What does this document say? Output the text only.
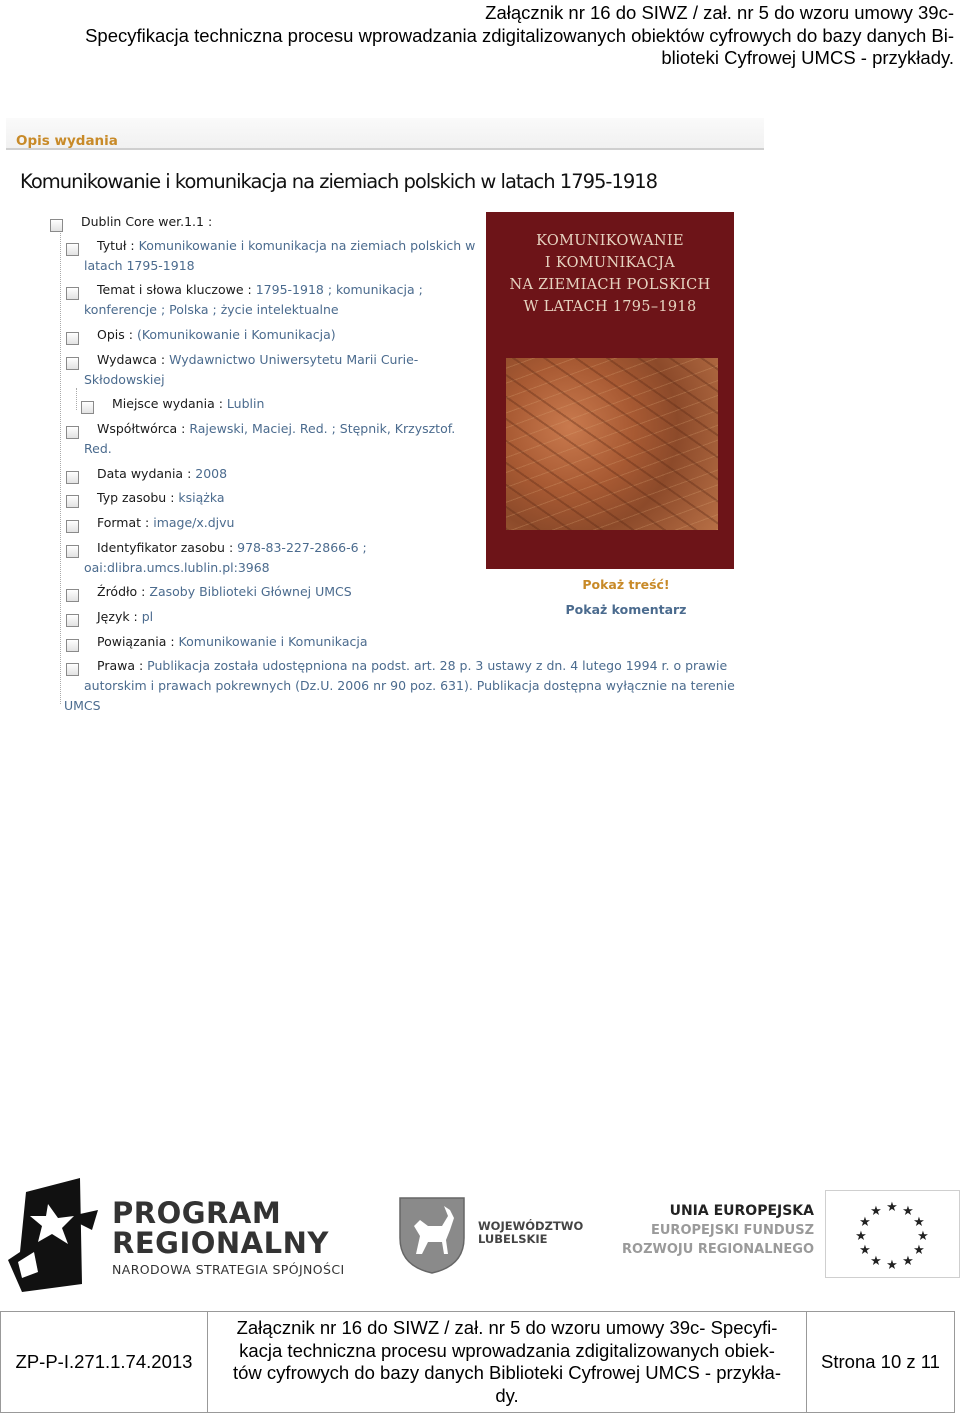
Załącznik nr 16 do SIWZ / zał. nr 5 do wzoru umowy 39c-
Specyfikacja techniczna procesu wprowadzania zdigitalizowanych obiektów cyfrowych do bazy danych Bi-
blioteki Cyfrowej UMCS - przykłady.
Opis wydania
Komunikowanie i komunikacja na ziemiach polskich w latach 1795-1918
Dublin Core wer.1.1 :
Tytuł : Komunikowanie i komunikacja na ziemiach polskich w
latach 1795-1918
Temat i słowa kluczowe : 1795-1918 ; komunikacja ;
konferencje ; Polska ; życie intelektualne
Opis : (Komunikowanie i Komunikacja)
Wydawca : Wydawnictwo Uniwersytetu Marii Curie-
Skłodowskiej
Miejsce wydania : Lublin
Współtwórca : Rajewski, Maciej. Red. ; Stępnik, Krzysztof.
Red.
Data wydania : 2008
Typ zasobu : książka
Format : image/x.djvu
Identyfikator zasobu : 978-83-227-2866-6 ;
oai:dlibra.umcs.lublin.pl:3968
Źródło : Zasoby Biblioteki Głównej UMCS
Język : pl
Powiązania : Komunikowanie i Komunikacja
Prawa : Publikacja została udostępniona na podst. art. 28 p. 3 ustawy z dn. 4 lutego 1994 r. o prawie
autorskim i prawach pokrewnych (Dz.U. 2006 nr 90 poz. 631). Publikacja dostępna wyłącznie na terenie
UMCS
KOMUNIKOWANIE
I KOMUNIKACJA
NA ZIEMIACH POLSKICH
W LATACH 1795–1918
Pokaż treść!
Pokaż komentarz
PROGRAM
REGIONALNY
NARODOWA STRATEGIA SPÓJNOŚCI
WOJEWÓDZTWO
LUBELSKIE
UNIA EUROPEJSKA
EUROPEJSKI FUNDUSZ
ROZWOJU REGIONALNEGO
★ ★
★
★
★
★
★
★
★
★
★
★
ZP-P-I.271.1.74.2013	
Załącznik nr 16 do SIWZ / zał. nr 5 do wzoru umowy 39c- Specyfi-
kacja techniczna procesu wprowadzania zdigitalizowanych obiek-
tów cyfrowych do bazy danych Biblioteki Cyfrowej UMCS - przykła-
dy.
	Strona 10 z 11
